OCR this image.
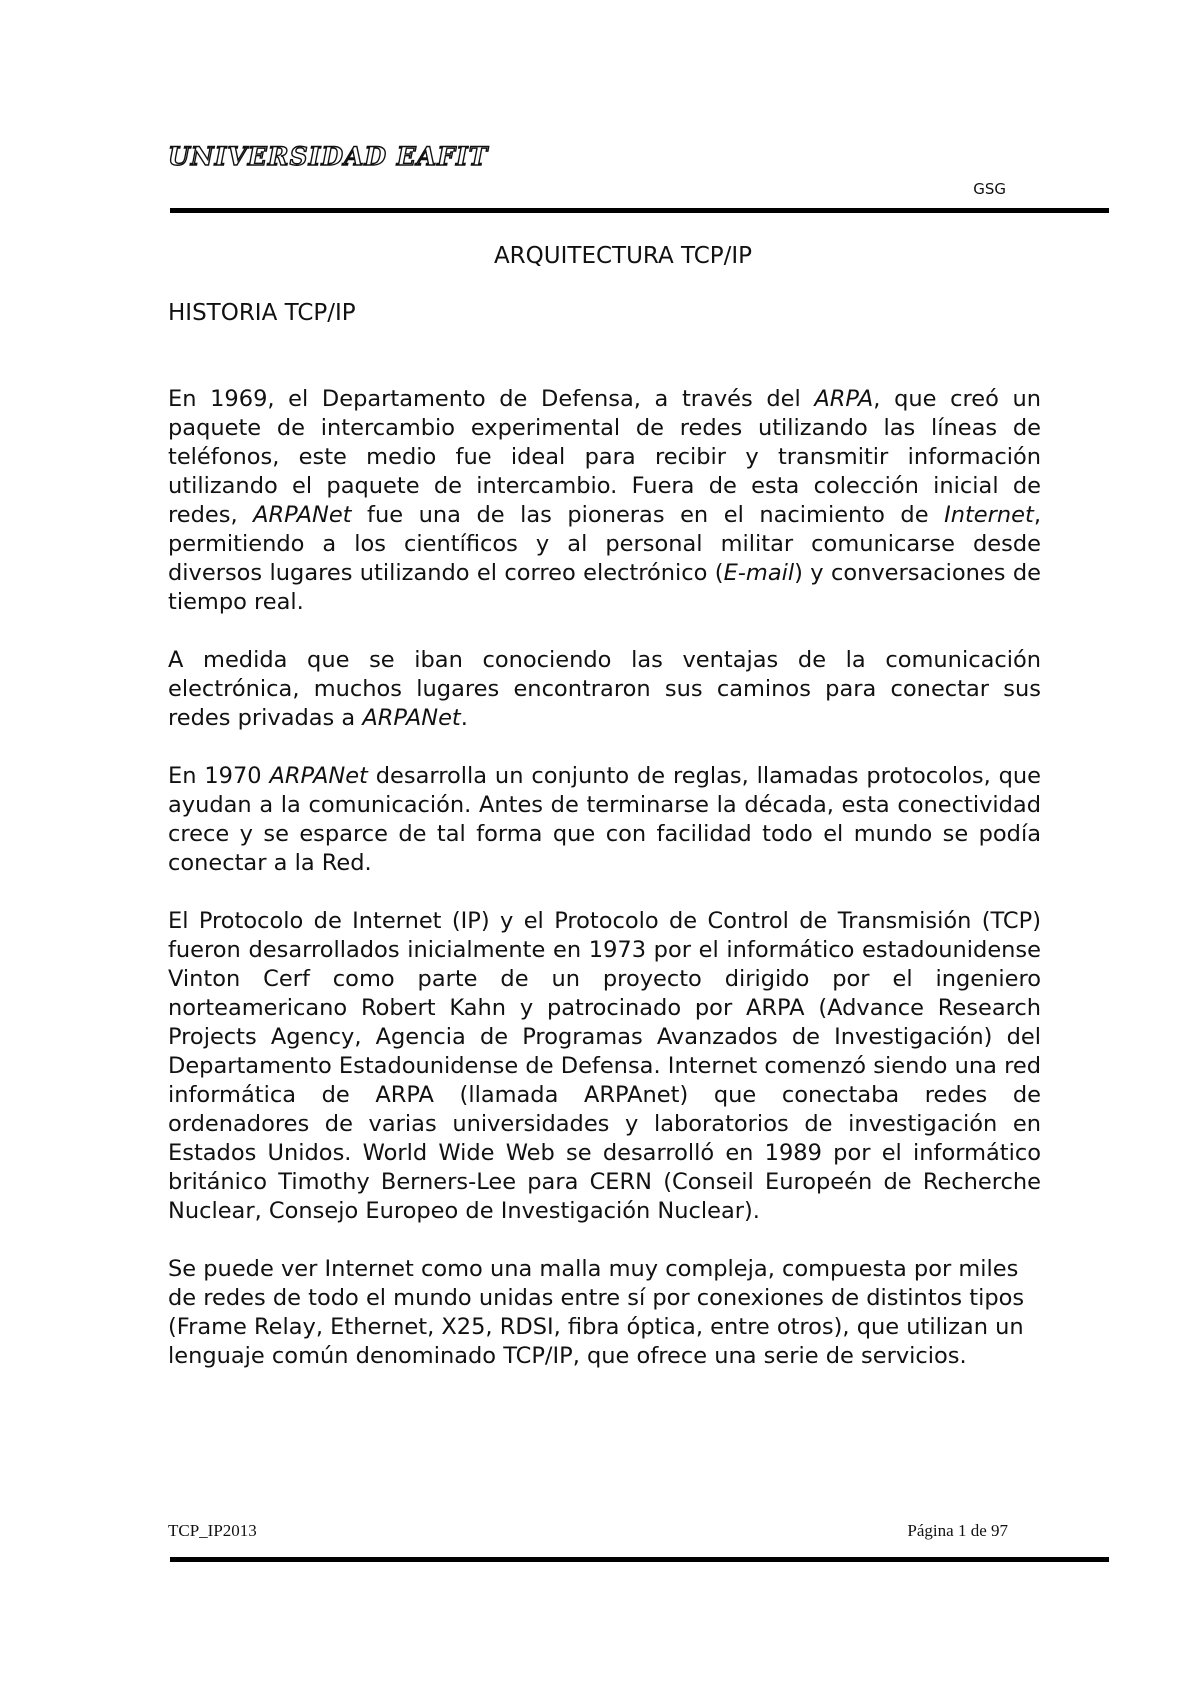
UNIVERSIDAD EAFIT
GSG
ARQUITECTURA TCP/IP
HISTORIA TCP/IP

En 1969, el Departamento de Defensa, a través del ARPA, que creó un paquete de intercambio experimental de redes utilizando las líneas de teléfonos, este medio fue ideal para recibir y transmitir información utilizando el paquete de intercambio. Fuera de esta colección inicial de redes, ARPANet fue una de las pioneras en el nacimiento de Internet, permitiendo a los científicos y al personal militar comunicarse desde diversos lugares utilizando el correo electrónico (E-mail) y conversaciones de tiempo real.

A medida que se iban conociendo las ventajas de la comunicación electrónica, muchos lugares encontraron sus caminos para conectar sus redes privadas a ARPANet.

En 1970 ARPANet desarrolla un conjunto de reglas, llamadas protocolos, que ayudan a la comunicación. Antes de terminarse la década, esta conectividad crece y se esparce de tal forma que con facilidad todo el mundo se podía conectar a la Red.

El Protocolo de Internet (IP) y el Protocolo de Control de Transmisión (TCP) fueron desarrollados inicialmente en 1973 por el informático estadounidense Vinton Cerf como parte de un proyecto dirigido por el ingeniero norteamericano Robert Kahn y patrocinado por ARPA (Advance Research Projects Agency, Agencia de Programas Avanzados de Investigación) del Departamento Estadounidense de Defensa. Internet comenzó siendo una red informática de ARPA (llamada ARPAnet) que conectaba redes de ordenadores de varias universidades y laboratorios de investigación en Estados Unidos. World Wide Web se desarrolló en 1989 por el informático británico Timothy Berners-Lee para CERN (Conseil Europeén de Recherche Nuclear, Consejo Europeo de Investigación Nuclear).

Se puede ver Internet como una malla muy compleja, compuesta por miles de redes de todo el mundo unidas entre sí por conexiones de distintos tipos (Frame Relay, Ethernet, X25, RDSI, fibra óptica, entre otros), que utilizan un lenguaje común denominado TCP/IP, que ofrece una serie de servicios.

TCP_IP2013	Página 1 de 97
